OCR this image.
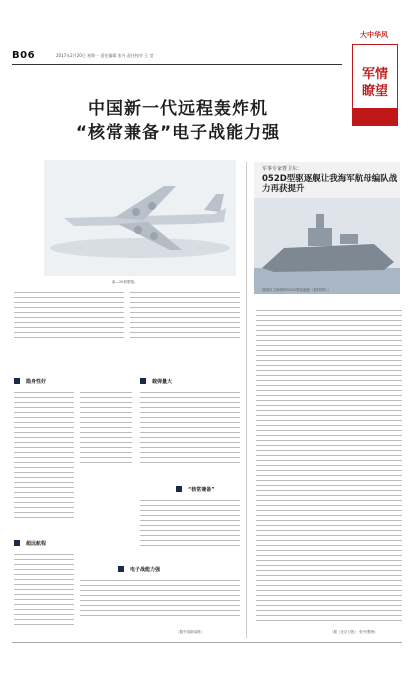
B06	2017年2月20日 星期一 责任编辑 张丹 责任校对 王 莹
大中华风
军情
瞭望
中国新一代远程轰炸机
“核常兼备”电子战能力强
轰—20构想图。
隐身性好
超远航程
载弹量大
“核常兼备”
电子战能力强
（据中国新闻网）
军事专家曹卫东：
052D型驱逐舰让我海军航母编队战力再获提升
我国自主研制的052D型驱逐舰（资料图片）
（据《北京日报》 张丹/整理）
